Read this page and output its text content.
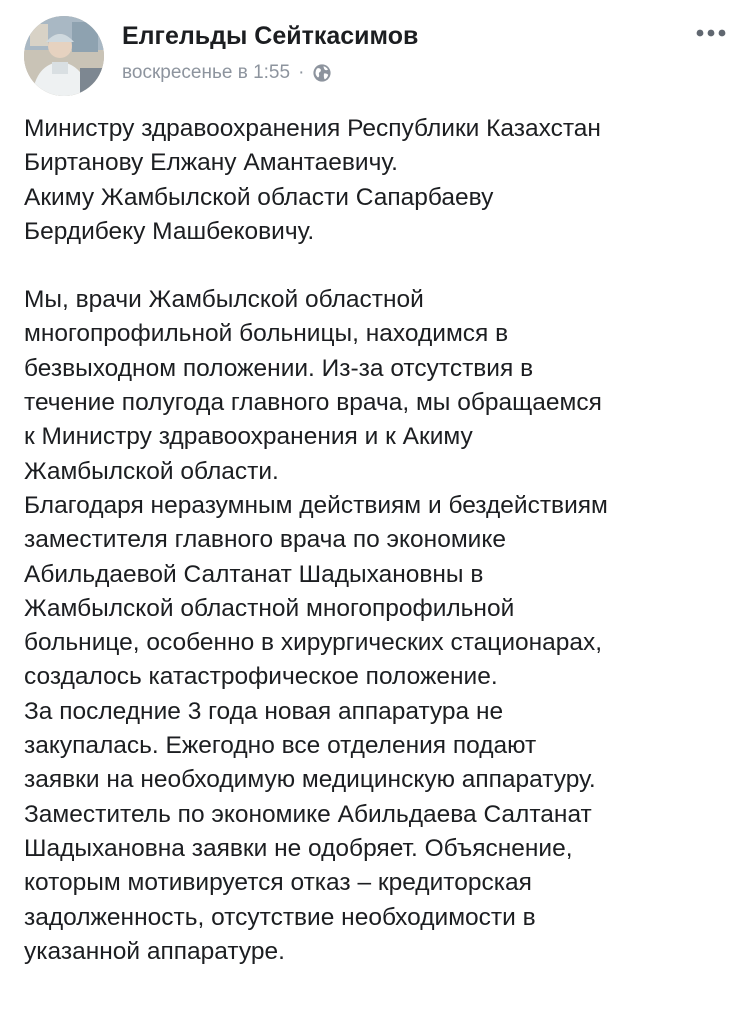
Елгельды Сейткасимов
воскресенье в 1:55 ·

Министру здравоохранения Республики Казахстан
Биртанову Елжану Амантаевичу.
Акиму Жамбылской области Сапарбаеву
Бердибеку Машбековичу.

Мы, врачи Жамбылской областной
многопрофильной больницы, находимся в
безвыходном положении. Из-за отсутствия в
течение полугода главного врача, мы обращаемся
к Министру здравоохранения и к Акиму
Жамбылской области.
Благодаря неразумным действиям и бездействиям
заместителя главного врача по экономике
Абильдаевой Салтанат Шадыхановны в
Жамбылской областной многопрофильной
больнице, особенно в хирургических стационарах,
создалось катастрофическое положение.
За последние 3 года новая аппаратура не
закупалась. Ежегодно все отделения подают
заявки на необходимую медицинскую аппаратуру.
Заместитель по экономике Абильдаева Салтанат
Шадыхановна заявки не одобряет. Объяснение,
которым мотивируется отказ – кредиторская
задолженность, отсутствие необходимости в
указанной аппаратуре.
